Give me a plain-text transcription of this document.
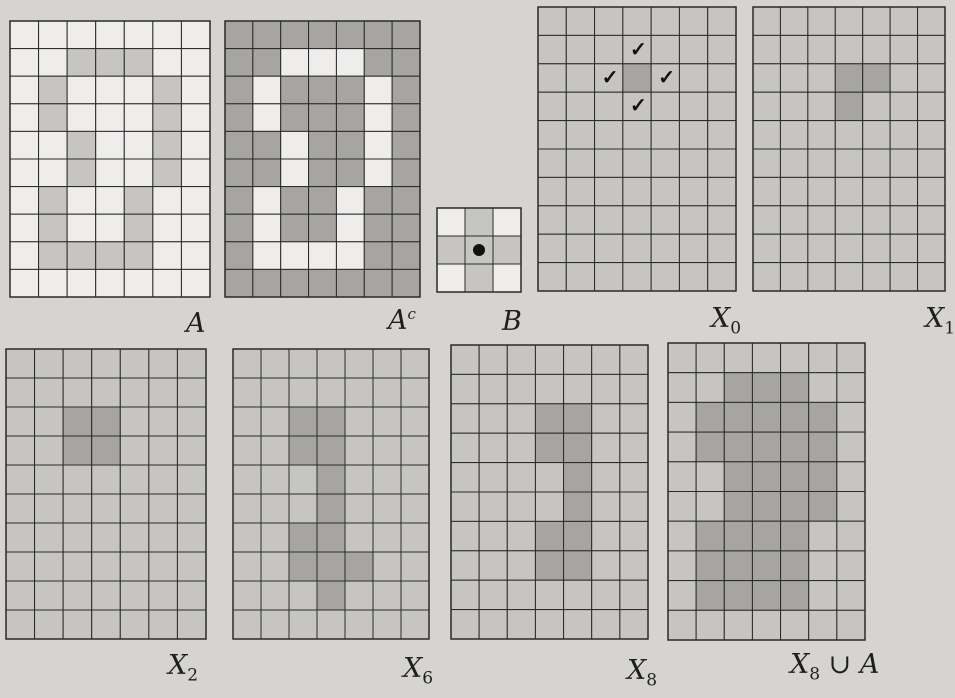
A	$A^c$	B	$X_0$
✓
✓ ✓
✓
$X_1$
$X_2$	$X_6$	$X_8$
$X_8$ ∪ A
